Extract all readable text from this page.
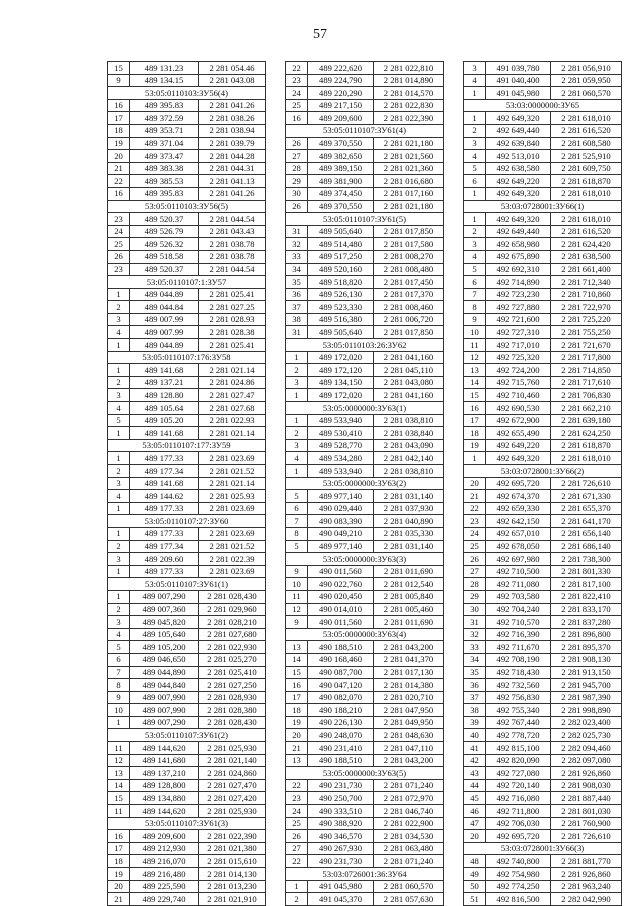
57
15	489 131.23	2 281 054.46
9	489 134.15	2 281 043.08
53:05:0110103:ЗУ56(4)		
16	489 395.83	2 281 041.26
17	489 372.59	2 281 038.26
18	489 353.71	2 281 038.94
19	489 371.04	2 281 039.79
20	489 373.47	2 281 044.28
21	489 383.38	2 281 044.31
22	489 385.53	2 281 041.13
16	489 395.83	2 281 041.26
53:05:0110103:ЗУ56(5)		
23	489 520.37	2 281 044.54
24	489 526.79	2 281 043.43
25	489 526.32	2 281 038.78
26	489 518.58	2 281 038.78
23	489 520.37	2 281 044.54
53:05:0110107:1:ЗУ57		
1	489 044.89	2 281 025.41
2	489 044.84	2 281 027.25
3	489 007.99	2 281 028.93
4	489 007.99	2 281 028.38
1	489 044.89	2 281 025.41
53:05:0110107:176:ЗУ58		
1	489 141.68	2 281 021.14
2	489 137.21	2 281 024.86
3	489 128.80	2 281 027.47
4	489 105.64	2 281 027.68
5	489 105.20	2 281 022.93
1	489 141.68	2 281 021.14
53:05:0110107:177:ЗУ59		
1	489 177.33	2 281 023.69
2	489 177.34	2 281 021.52
3	489 141.68	2 281 021.14
4	489 144.62	2 281 025.93
1	489 177.33	2 281 023.69
53:05:0110107:27:ЗУ60		
1	489 177.33	2 281 023.69
2	489 177.34	2 281 021.52
3	489 209.60	2 281 022.39
1	489 177.33	2 281 023.69
53:05:0110107:ЗУ61(1)		
1	489 007,290	2 281 028,430
2	489 007,360	2 281 029,960
3	489 045,820	2 281 028,210
4	489 105,640	2 281 027,680
5	489 105,200	2 281 022,930
6	489 046,650	2 281 025,270
7	489 044,890	2 281 025,410
8	489 044,840	2 281 027,250
9	489 007,990	2 281 028,930
10	489 007,990	2 281 028,380
1	489 007,290	2 281 028,430
53:05:0110107:ЗУ61(2)		
11	489 144,620	2 281 025,930
12	489 141,680	2 281 021,140
13	489 137,210	2 281 024,860
14	489 128,800	2 281 027,470
15	489 134,880	2 281 027,420
11	489 144,620	2 281 025,930
53:05:0110107:ЗУ61(3)		
16	489 209,600	2 281 022,390
17	489 212,930	2 281 021,380
18	489 216,070	2 281 015,610
19	489 216,480	2 281 014,130
20	489 225,590	2 281 013,230
21	489 229,740	2 281 021,910
22	489 222,620	2 281 022,810
23	489 224,790	2 281 014,890
24	489 220,290	2 281 014,570
25	489 217,150	2 281 022,830
16	489 209,600	2 281 022,390
53:05:0110107:ЗУ61(4)		
26	489 370,550	2 281 021,180
27	489 382,650	2 281 021,560
28	489 389,150	2 281 021,360
29	489 381,900	2 281 016,680
30	489 374,450	2 281 017,160
26	489 370,550	2 281 021,180
53:05:0110107:ЗУ61(5)		
31	489 505,640	2 281 017,850
32	489 514,480	2 281 017,580
33	489 517,250	2 281 008,270
34	489 520,160	2 281 008,480
35	489 518,820	2 281 017,450
36	489 526,130	2 281 017,370
37	489 523,330	2 281 008,460
38	489 516,380	2 281 006,720
31	489 505,640	2 281 017,850
53:05:0110103:26:ЗУ62		
1	489 172,020	2 281 041,160
2	489 172,120	2 281 045,110
3	489 134,150	2 281 043,080
1	489 172,020	2 281 041,160
53:05:0000000:ЗУ63(1)		
1	489 533,940	2 281 038,810
2	489 530,410	2 281 038,840
3	489 528,770	2 281 043,090
4	489 534,280	2 281 042,140
1	489 533,940	2 281 038,810
53:05:0000000:ЗУ63(2)		
5	489 977,140	2 281 031,140
6	490 029,440	2 281 037,930
7	490 083,390	2 281 040,890
8	490 049,210	2 281 035,330
5	489 977,140	2 281 031,140
53:05:0000000:ЗУ63(3)		
9	490 011,560	2 281 011,690
10	490 022,760	2 281 012,540
11	490 020,450	2 281 005,840
12	490 014,010	2 281 005,460
9	490 011,560	2 281 011,690
53:05:0000000:ЗУ63(4)		
13	490 188,510	2 281 043,200
14	490 168,460	2 281 041,370
15	490 087,700	2 281 017,130
16	490 047,120	2 281 014,380
17	490 082,070	2 281 020,710
18	490 188,210	2 281 047,950
19	490 226,130	2 281 049,950
20	490 248,070	2 281 048,630
21	490 231,410	2 281 047,110
13	490 188,510	2 281 043,200
53:05:0000000:ЗУ63(5)		
22	490 231,730	2 281 071,240
23	490 250,700	2 281 072,970
24	490 333,510	2 281 046,740
25	490 388,920	2 281 022,900
26	490 346,570	2 281 034,530
27	490 267,930	2 281 063,480
22	490 231,730	2 281 071,240
53:03:0726001:36:ЗУ64		
1	491 045,980	2 281 060,570
2	491 045,370	2 281 057,630
3	491 039,780	2 281 056,910
4	491 040,400	2 281 059,950
1	491 045,980	2 281 060,570
53:03:0000000:ЗУ65		
1	492 649,320	2 281 618,010
2	492 649,440	2 281 616,520
3	492 639,840	2 281 608,580
4	492 513,010	2 281 525,910
5	492 638,580	2 281 609,750
6	492 649,220	2 281 618,870
1	492 649,320	2 281 618,010
53:03:0728001:ЗУ66(1)		
1	492 649,320	2 281 618,010
2	492 649,440	2 281 616,520
3	492 658,980	2 281 624,420
4	492 675,890	2 281 638,500
5	492 692,310	2 281 661,400
6	492 714,890	2 281 712,340
7	492 723,230	2 281 710,860
8	492 727,880	2 281 722,970
9	492 721,600	2 281 725,220
10	492 727,310	2 281 755,250
11	492 717,010	2 281 721,670
12	492 725,320	2 281 717,800
13	492 724,200	2 281 714,850
14	492 715,760	2 281 717,610
15	492 710,460	2 281 706,830
16	492 690,530	2 281 662,210
17	492 672,900	2 281 639,180
18	492 655,490	2 281 624,250
19	492 649,220	2 281 618,870
1	492 649,320	2 281 618,010
53:03:0728001:ЗУ66(2)		
20	492 695,720	2 281 726,610
21	492 674,370	2 281 671,330
22	492 659,330	2 281 655,370
23	492 642,150	2 281 641,170
24	492 657,010	2 281 656,140
25	492 678,050	2 281 686,140
26	492 697,980	2 281 738,300
27	492 710,500	2 281 801,330
28	492 711,080	2 281 817,100
29	492 703,580	2 281 822,410
30	492 704,240	2 281 833,170
31	492 710,570	2 281 837,280
32	492 716,390	2 281 896,800
33	492 711,670	2 281 895,370
34	492 708,190	2 281 908,130
35	492 718,430	2 281 913,150
36	492 732,560	2 281 945,700
37	492 756,830	2 281 987,390
38	492 755,340	2 281 998,890
39	492 767,440	2 282 023,400
40	492 778,720	2 282 025,730
41	492 815,100	2 282 094,460
42	492 820,090	2 282 097,080
43	492 727,080	2 281 926,860
44	492 720,140	2 281 908,030
45	492 716,080	2 281 887,440
46	492 711,800	2 281 801,030
47	492 706,030	2 281 760,900
20	492 695,720	2 281 726,610
53:03:0728001:ЗУ66(3)		
48	492 740,800	2 281 881,770
49	492 754,980	2 281 926,860
50	492 774,250	2 281 963,240
51	492 816,500	2 282 042,990
